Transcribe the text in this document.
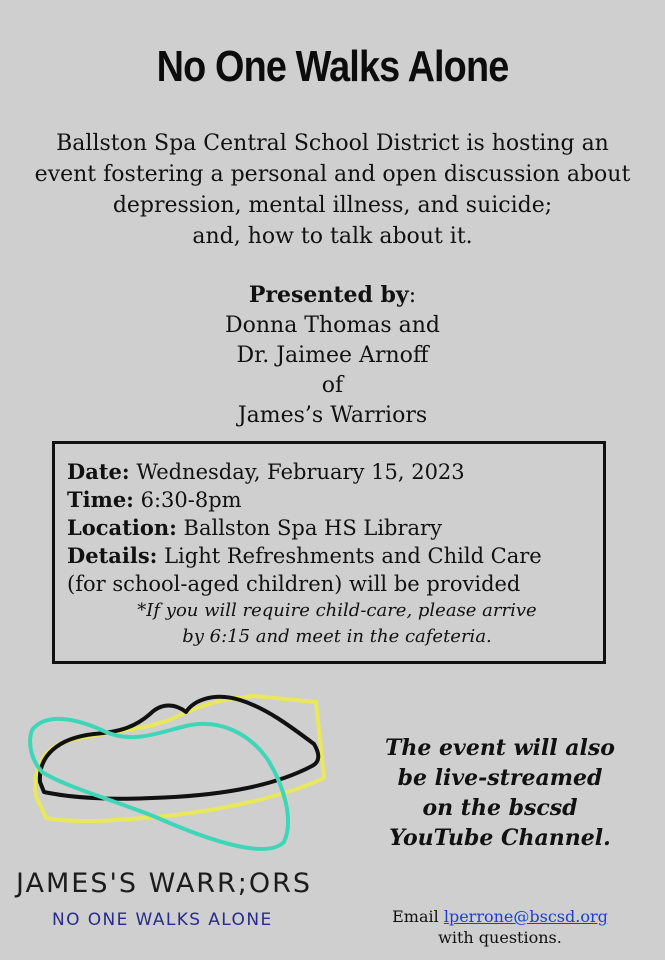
No One Walks Alone
Ballston Spa Central School District is hosting an
event fostering a personal and open discussion about
depression, mental illness, and suicide;
and, how to talk about it.
Presented by:
Donna Thomas and
Dr. Jaimee Arnoff
of
James’s Warriors
Date: Wednesday, February 15, 2023
Time: 6:30-8pm
Location: Ballston Spa HS Library
Details: Light Refreshments and Child Care
(for school-aged children) will be provided
*If you will require child-care, please arrive
by 6:15 and meet in the cafeteria.
JAMES'S WARR;ORS
NO ONE WALKS ALONE
The event will also
be live-streamed
on the bscsd
YouTube Channel.
Email lperrone@bscsd.org
with questions.
